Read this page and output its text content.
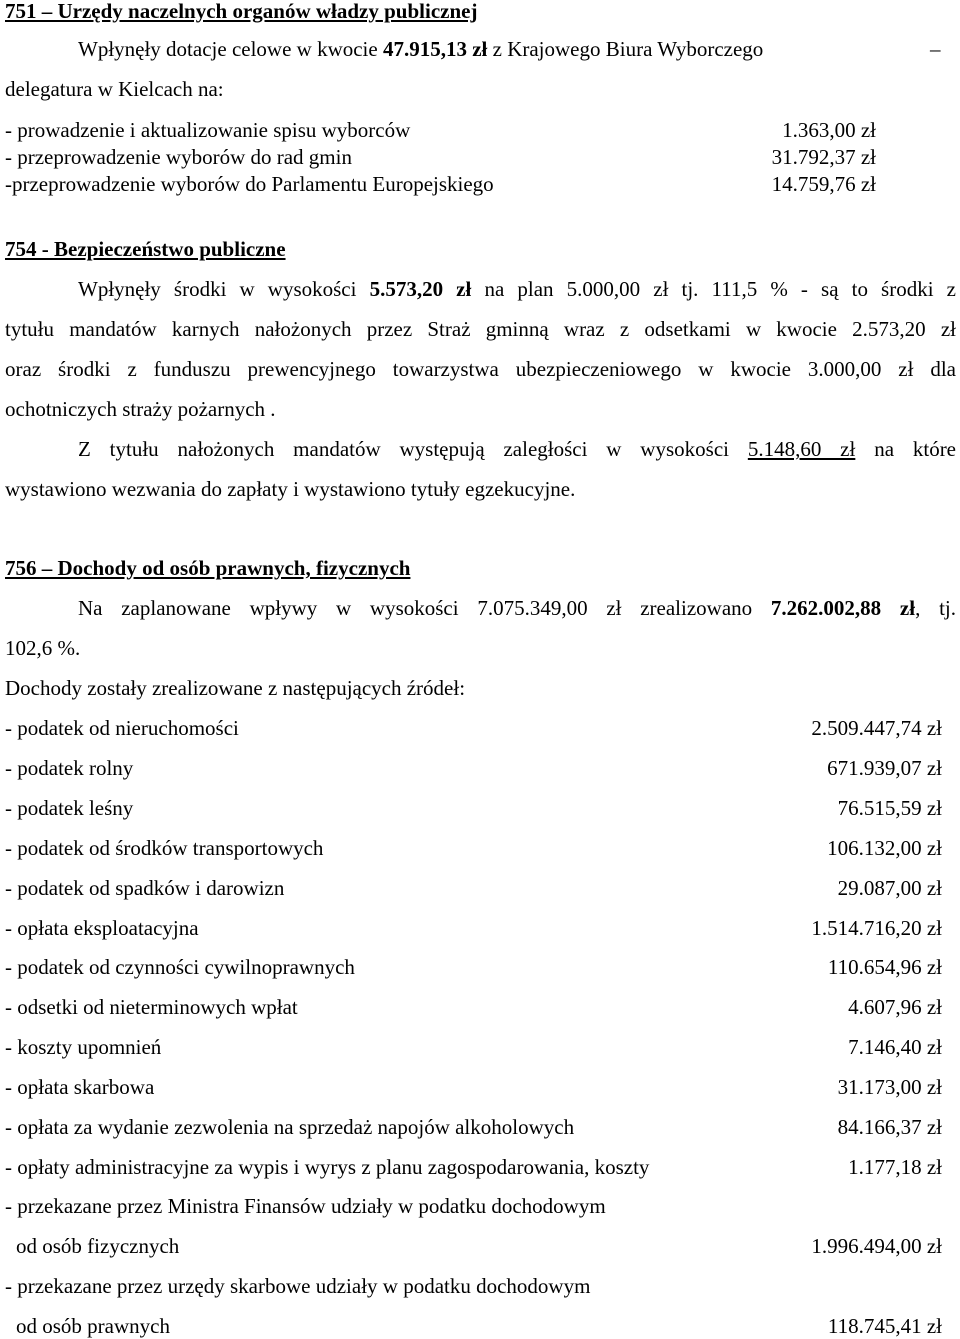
751 – Urzędy naczelnych organów władzy publicznej
Wpłynęły dotacje celowe w kwocie 47.915,13 zł z Krajowego Biura Wyborczego	–
delegatura w Kielcach na:
- prowadzenie i aktualizowanie spisu wyborców	1.363,00 zł
- przeprowadzenie wyborów do rad gmin	31.792,37 zł
-przeprowadzenie wyborów do Parlamentu Europejskiego	14.759,76 zł
754 - Bezpieczeństwo publiczne
Wpłynęły środki w wysokości 5.573,20 zł na plan 5.000,00 zł tj. 111,5 % - są to środki z
tytułu mandatów karnych nałożonych przez Straż gminną wraz z odsetkami w kwocie 2.573,20 zł
oraz środki z funduszu prewencyjnego towarzystwa ubezpieczeniowego w kwocie 3.000,00 zł dla
ochotniczych straży pożarnych .
Z tytułu nałożonych mandatów występują zaległości w wysokości 5.148,60 zł na które
wystawiono wezwania do zapłaty i wystawiono tytuły egzekucyjne.
756 – Dochody od osób prawnych, fizycznych
Na zaplanowane wpływy w wysokości 7.075.349,00 zł zrealizowano 7.262.002,88 zł, tj.
102,6 %.
Dochody zostały zrealizowane z następujących źródeł:
- podatek od nieruchomości	2.509.447,74 zł
- podatek rolny	671.939,07 zł
- podatek leśny	76.515,59 zł
- podatek od środków transportowych	106.132,00 zł
- podatek od spadków i darowizn	29.087,00 zł
- opłata eksploatacyjna	1.514.716,20 zł
- podatek od czynności cywilnoprawnych	110.654,96 zł
- odsetki od nieterminowych wpłat	4.607,96 zł
- koszty upomnień	7.146,40 zł
- opłata skarbowa	31.173,00 zł
- opłata za wydanie zezwolenia na sprzedaż napojów alkoholowych	84.166,37 zł
- opłaty administracyjne za wypis i wyrys z planu zagospodarowania, koszty	1.177,18 zł
- przekazane przez Ministra Finansów udziały w podatku dochodowym
od osób fizycznych	1.996.494,00 zł
- przekazane przez urzędy skarbowe udziały w podatku dochodowym
od osób prawnych	118.745,41 zł
